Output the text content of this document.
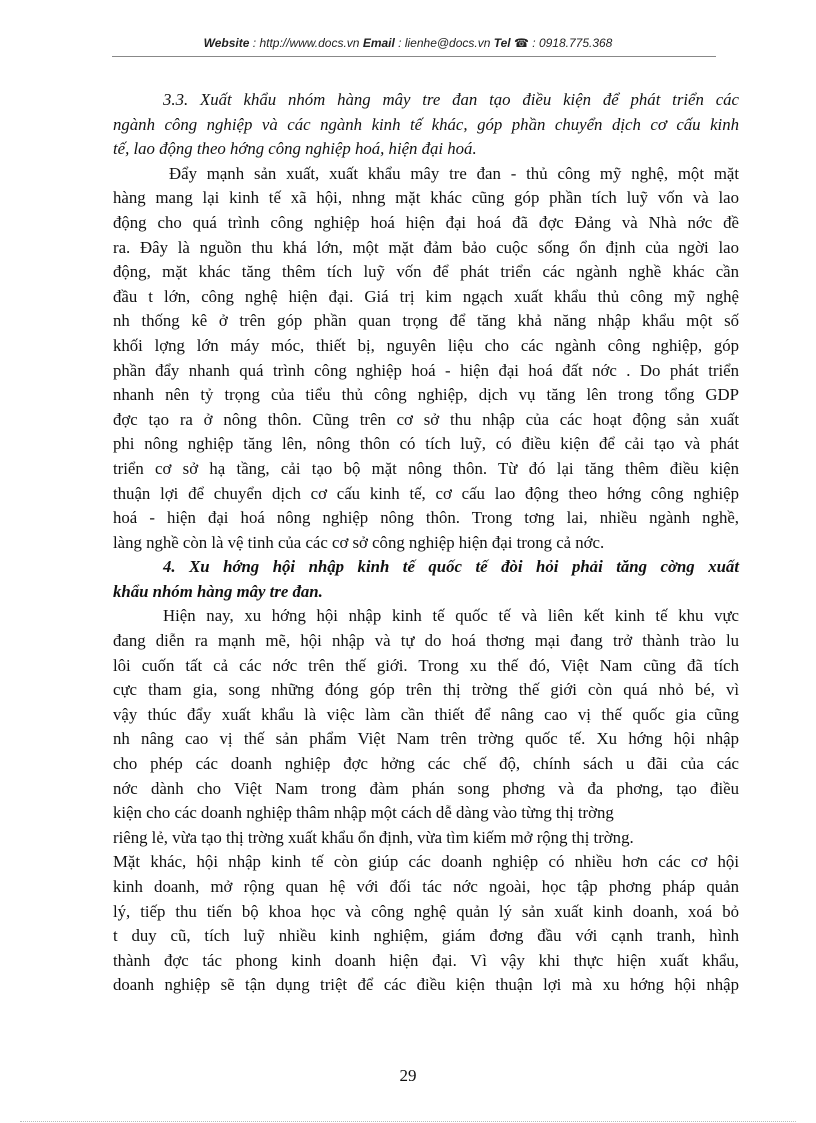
Website : http://www.docs.vn Email : lienhe@docs.vn Tel ☎ : 0918.775.368
3.3. Xuất khẩu nhóm hàng mây tre đan tạo điều kiện để phát triển các
ngành công nghiệp và các ngành kinh tế khác, góp phần chuyển dịch cơ cấu kinh
tế, lao động theo hớng công nghiệp hoá, hiện đại hoá.
Đẩy mạnh sản xuất, xuất khẩu mây tre đan - thủ công mỹ nghệ, một mặt
hàng mang lại kinh tế xã hội, nhng mặt khác cũng góp phần tích luỹ vốn và lao
động cho quá trình công nghiệp hoá hiện đại hoá đã đợc Đảng và Nhà nớc đề
ra. Đây là nguồn thu khá lớn, một mặt đảm bảo cuộc sống ổn định của ngời lao
động, mặt khác tăng thêm tích luỹ vốn để phát triển các ngành nghề khác cần
đầu t lớn, công nghệ hiện đại. Giá trị kim ngạch xuất khẩu thủ công mỹ nghệ
nh thống kê ở trên góp phần quan trọng để tăng khả năng nhập khẩu một số
khối lợng lớn máy móc, thiết bị, nguyên liệu cho các ngành công nghiệp, góp
phần đẩy nhanh quá trình công nghiệp hoá - hiện đại hoá đất nớc . Do phát triển
nhanh nên tỷ trọng của tiểu thủ công nghiệp, dịch vụ tăng lên trong tổng GDP
đợc tạo ra ở nông thôn. Cũng trên cơ sở thu nhập của các hoạt động sản xuất
phi nông nghiệp tăng lên, nông thôn có tích luỹ, có điều kiện để cải tạo và phát
triển cơ sở hạ tầng, cải tạo bộ mặt nông thôn. Từ đó lại tăng thêm điều kiện
thuận lợi để chuyển dịch cơ cấu kinh tế, cơ cấu lao động theo hớng công nghiệp
hoá - hiện đại hoá nông nghiệp nông thôn. Trong tơng lai, nhiều ngành nghề,
làng nghề còn là vệ tinh của các cơ sở công nghiệp hiện đại trong cả nớc.
4. Xu hớng hội nhập kinh tế quốc tế đòi hỏi phải tăng cờng xuất
khẩu nhóm hàng mây tre đan.
Hiện nay, xu hớng hội nhập kinh tế quốc tế và liên kết kinh tế khu vực
đang diễn ra mạnh mẽ, hội nhập và tự do hoá thơng mại đang trở thành trào lu
lôi cuốn tất cả các nớc trên thế giới. Trong xu thế đó, Việt Nam cũng đã tích
cực tham gia, song những đóng góp trên thị trờng thế giới còn quá nhỏ bé, vì
vậy thúc đẩy xuất khẩu là việc làm cần thiết để nâng cao vị thế quốc gia cũng
nh nâng cao vị thế sản phẩm Việt Nam trên trờng quốc tế. Xu hớng hội nhập
cho phép các doanh nghiệp đợc hởng các chế độ, chính sách u đãi của các
nớc dành cho Việt Nam trong đàm phán song phơng và đa phơng, tạo điều
kiện cho các doanh nghiệp thâm nhập một cách dễ dàng vào từng thị trờng
riêng lẻ, vừa tạo thị trờng xuất khẩu ổn định, vừa tìm kiếm mở rộng thị trờng.
Mặt khác, hội nhập kinh tế còn giúp các doanh nghiệp có nhiều hơn các cơ hội
kinh doanh, mở rộng quan hệ với đối tác nớc ngoài, học tập phơng pháp quản
lý, tiếp thu tiến bộ khoa học và công nghệ quản lý sản xuất kinh doanh, xoá bỏ
t duy cũ, tích luỹ nhiều kinh nghiệm, giám đơng đầu với cạnh tranh, hình
thành đợc tác phong kinh doanh hiện đại. Vì vậy khi thực hiện xuất khẩu,
doanh nghiệp sẽ tận dụng triệt để các điều kiện thuận lợi mà xu hớng hội nhập
29
